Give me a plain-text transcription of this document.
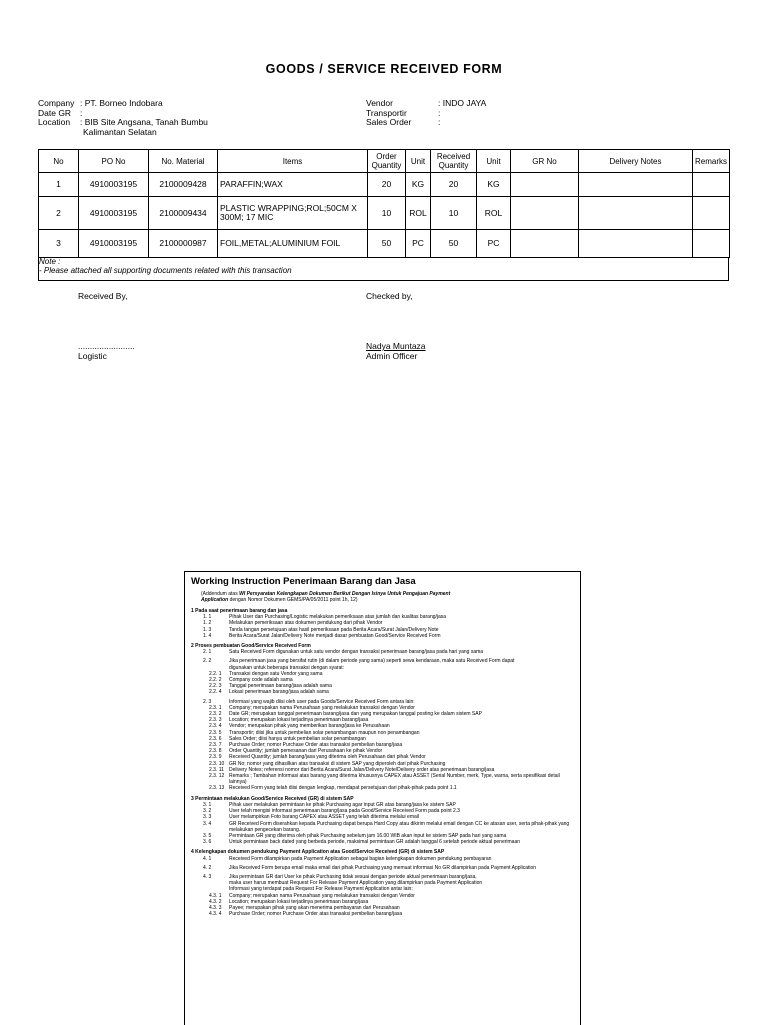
GOODS / SERVICE RECEIVED FORM
Company : PT. Borneo Indobara
Date GR	:
Location	: BIB Site Angsana, Tanah Bumbu
Kalimantan Selatan
Vendor	: INDO JAYA
Transportir	:
Sales Order	:
No	PO No	No. Material	Items	Order Quantity	Unit	Received Quantity	Unit	GR No	Delivery Notes	Remarks
1	4910003195	2100009428	PARAFFIN;WAX	20	KG	20	KG			
2	4910003195	2100009434	PLASTIC WRAPPING;ROL;50CM X 300M; 17 MIC	10	ROL	10	ROL			
3	4910003195	2100000987	FOIL,METAL;ALUMINIUM FOIL	50	PC	50	PC			
Note :
- Please attached all supporting documents related with this transaction
Received By,	Checked by,
........................
Logistic
Nadya Muntaza
Admin Officer
Working Instruction Penerimaan Barang dan Jasa
(Addendum atas WI Persyaratan Kelengkapan Dokumen Berikut Dengan Isinya Untuk Pengajuan Payment
Application dengan Nomor Dokumen GEMS/PA/05/2011 point 1h, 12)
1 Pada saat penerimaan barang dan jasa
1. 1	Pihak User dan Purchasing/Logistic melakukan pemeriksaan atas jumlah dan kualitas barang/jasa
1. 2	Melakukan pemeriksaan atas dokumen pendukung dari pihak Vendor
1. 3	Tanda tangan persetujuan atas hasil pemeriksaan pada Berita Acara/Surat Jalan/Delivery Note
1. 4	Berita Acara/Surat Jalan/Delivery Note menjadi dasar pembuatan Good/Service Received Form
2 Proses pembuatan Good/Service Received Form
2. 1	Satu Received Form digunakan untuk satu vendor dengan transaksi penerimaan barang/jasa pada hari yang sama
2. 2	Jika penerimaan jasa yang bersifat rutin (di dalam periode yang sama) seperti sewa kendaraan, maka satu Received Form dapat
digunakan untuk beberapa transaksi dengan syarat:
2.2. 1	Transaksi dengan satu Vendor yang sama
2.2. 2	Company code adalah sama
2.2. 3	Tanggal penerimaan barang/jasa adalah sama
2.2. 4	Lokasi penerimaan barang/jasa adalah sama
2. 3	Informasi yang wajib diisi oleh user pada Goods/Service Received Form antara lain:
2.3. 1	Company; merupakan nama Perusahaan yang melakukan transaksi dengan Vendor
2.3. 2	Date GR; merupakan tanggal penerimaan barang/jasa dan yang merupakan tanggal posting ke dalam sistem SAP
2.3. 3	Location; merupakan lokasi terjadinya penerimaan barang/jasa
2.3. 4	Vendor; merupakan pihak yang memberikan barang/jasa ke Perusahaan
2.3. 5	Transportir; diisi jika untuk pembelian solar penambangan maupun non penambangan
2.3. 6	Sales Order; diisi hanya untuk pembelian solar penambangan
2.3. 7	Purchase Order; nomor Purchase Order atas transaksi pembelian barang/jasa
2.3. 8	Order Quantity; jumlah pemesanan dari Perusahaan ke pihak Vendor
2.3. 9	Received Quantity; jumlah barang/jasa yang diterima oleh Perusahaan dari pihak Vendor
2.3. 10 GR No; nomor yang dihasilkan atas transaksi di sistem SAP yang diperoleh dari pihak Purchasing
2.3. 11	Delivery Notes; referensi nomor dari Berita Acara/Surat Jalan/Delivery Note/Delivery order atas penerimaan barang/jasa
2.3. 12 Remarks ; Tambahan informasi atas barang yang diterima khususnya CAPEX atau ASSET (Serial Number, merk, Type, warna, serta spesifikasi detail lainnya)
2.3. 13 Received Form yang telah diisi dengan lengkap, mendapat persetujuan dari pihak-pihak pada point 1.1
3 Permintaan melakukan Good/Service Received (GR) di sistem SAP
3. 1	Pihak user melakukan permintaan ke pihak Purchasing agar input GR atas barang/jasa ke sistem SAP
3. 2	User telah mengisi informasi penerimaan barang/jasa pada Good/Service Received Form pada point 2.3
3. 3	User melampirkan Foto barang CAPEX atau ASSET yang telah diterima melalui email
3. 4	GR Received Form diserahkan kepada Purchasing dapat berupa Hard Copy atau dikirim melalui email dengan CC ke atasan user, serta pihak-pihak yang melakukan pengecekan barang.
3. 5	Permintaan GR yang diterima oleh pihak Purchasing sebelum jam 16.00 WIB akan input ke sistem SAP pada hari yang sama
3. 6	Untuk permintaan back dated yang berbeda periode, maksimal permintaan GR adalah tanggal 6 setelah periode aktual penerimaan
4 Kelengkapan dokumen pendukung Payment Application atas Good/Service Received (GR) di sistem SAP
4. 1	Received Form dilampirkan pada Payment Application sebagai bagian kelengkapan dokumen pendukung pembayaran
4. 2	Jika Received Form berupa email maka email dari pihak Purchasing yang memuat informasi No GR dilampirkan pada Payment Application
4. 3	Jika permintaan GR dari User ke pihak Purchasing tidak sesuai dengan periode aktual penerimaan barang/jasa,
maka user harus membuat Request For Release Payment Application yang dilampirkan pada Payment Application
Informasi yang terdapat pada Request For Release Payment Application antar lain:
4.3. 1	Company; merupakan nama Perusahaan yang melakukan transaksi dengan Vendor
4.3. 2	Location; merupakan lokasi terjadinya penerimaan barang/jasa
4.3. 3	Payee; merupakan pihak yang akan menerima pembayaran dari Perusahaan
4.3. 4	Purchase Order; nomor Purchase Order atas transaksi pembelian barang/jasa
